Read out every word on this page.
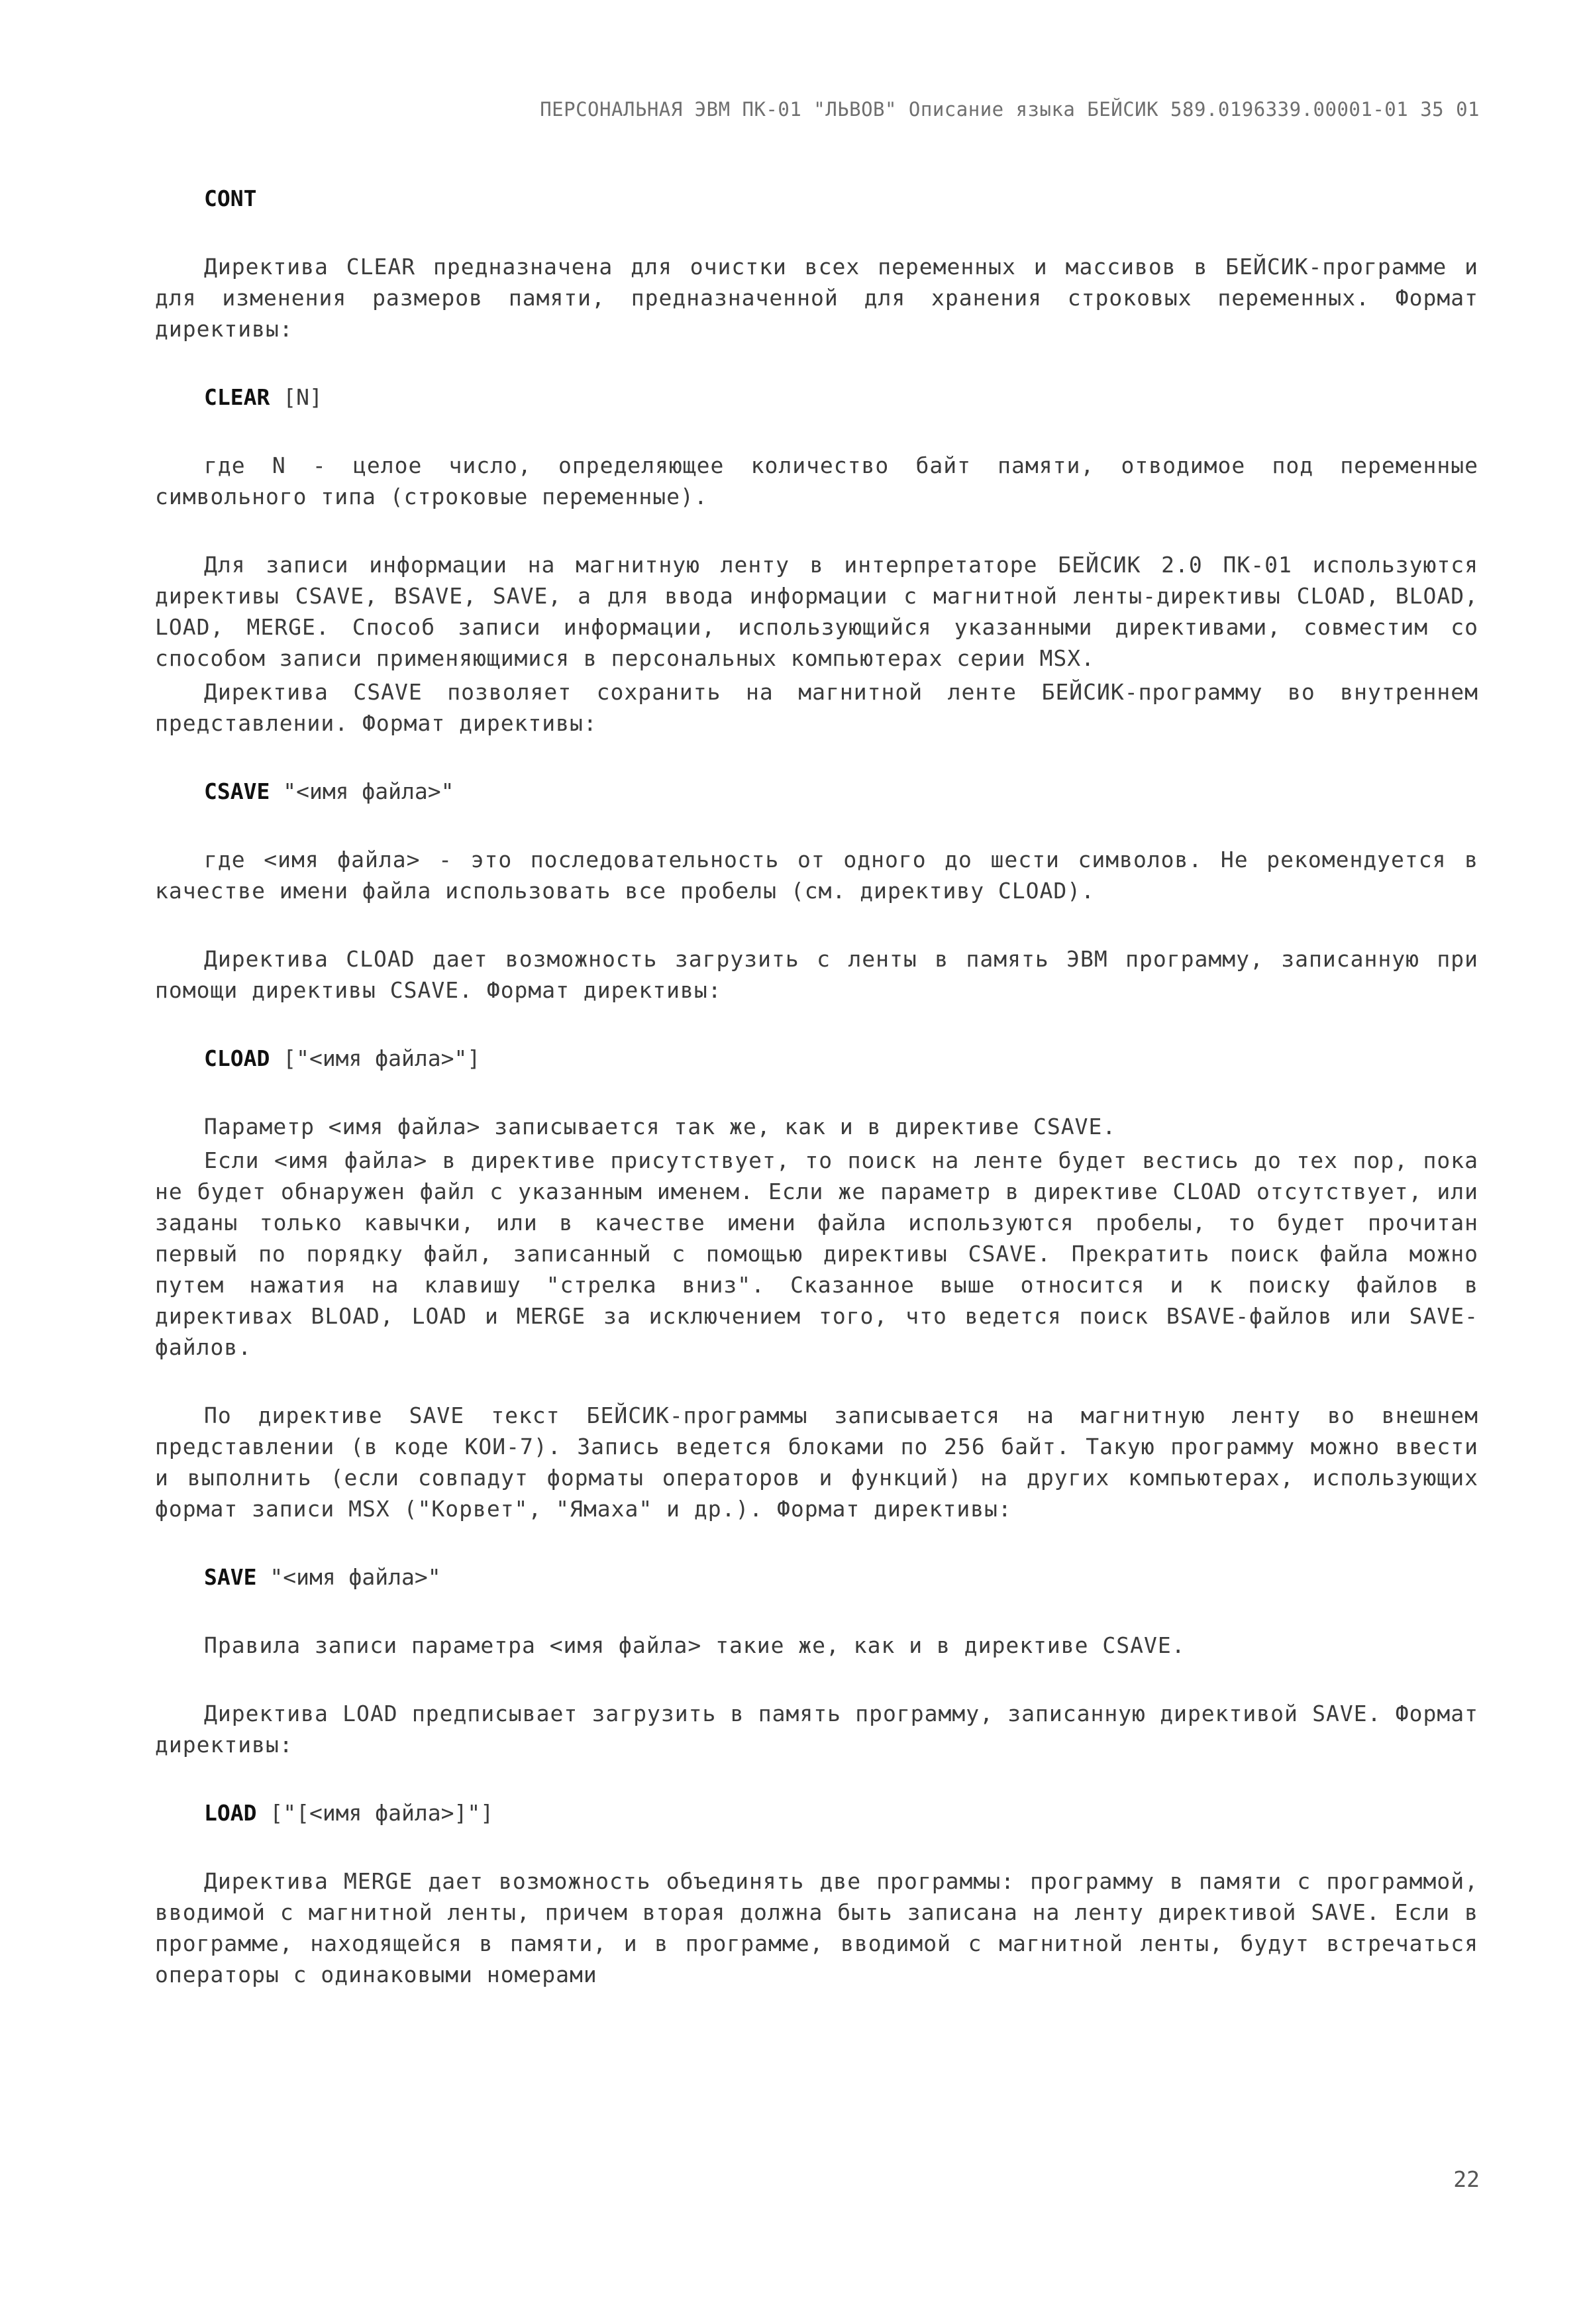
ПЕРСОНАЛЬНАЯ ЭВМ ПК-01 "ЛЬВОВ" Описание языка БЕЙСИК 589.0196339.00001-01 35 01

CONT

Директива CLEAR предназначена для очистки всех переменных и массивов в БЕЙСИК-программе и для изменения размеров памяти, предназначенной для хранения строковых переменных. Формат директивы:

CLEAR [N]

где N - целое число, определяющее количество байт памяти, отводимое под переменные символьного типа (строковые переменные).

Для записи информации на магнитную ленту в интерпретаторе БЕЙСИК 2.0 ПК-01 используются директивы CSAVE, BSAVE, SAVE, а для ввода информации с магнитной ленты-директивы CLOAD, BLOAD, LOAD, MERGE. Способ записи информации, использующийся указанными директивами, совместим со способом записи применяющимися в персональных компьютерах серии MSX.

Директива CSAVE позволяет сохранить на магнитной ленте БЕЙСИК-программу во внутреннем представлении. Формат директивы:

CSAVE "<имя файла>"

где <имя файла> - это последовательность от одного до шести символов. Не рекомендуется в качестве имени файла использовать все пробелы (см. директиву CLOAD).

Директива CLOAD дает возможность загрузить с ленты в память ЭВМ программу, записанную при помощи директивы CSAVE. Формат директивы:

CLOAD ["<имя файла>"]

Параметр <имя файла> записывается так же, как и в директиве CSAVE.

Если <имя файла> в директиве присутствует, то поиск на ленте будет вестись до тех пор, пока не будет обнаружен файл с указанным именем. Если же параметр в директиве CLOAD отсутствует, или заданы только кавычки, или в качестве имени файла используются пробелы, то будет прочитан первый по порядку файл, записанный с помощью директивы CSAVE. Прекратить поиск файла можно путем нажатия на клавишу "стрелка вниз". Сказанное выше относится и к поиску файлов в директивах BLOAD, LOAD и MERGE за исключением того, что ведется поиск BSAVE-файлов или SAVE-файлов.

По директиве SAVE текст БЕЙСИК-программы записывается на магнитную ленту во внешнем представлении (в коде КОИ-7). Запись ведется блоками по 256 байт. Такую программу можно ввести и выполнить (если совпадут форматы операторов и функций) на других компьютерах, использующих формат записи MSX ("Корвет", "Ямаха" и др.). Формат директивы:

SAVE "<имя файла>"

Правила записи параметра <имя файла> такие же, как и в директиве CSAVE.

Директива LOAD предписывает загрузить в память программу, записанную директивой SAVE. Формат директивы:

LOAD ["[<имя файла>]"]

Директива MERGE дает возможность объединять две программы: программу в памяти с программой, вводимой с магнитной ленты, причем вторая должна быть записана на ленту директивой SAVE. Если в программе, находящейся в памяти, и в программе, вводимой с магнитной ленты, будут встречаться операторы с одинаковыми номерами

22
